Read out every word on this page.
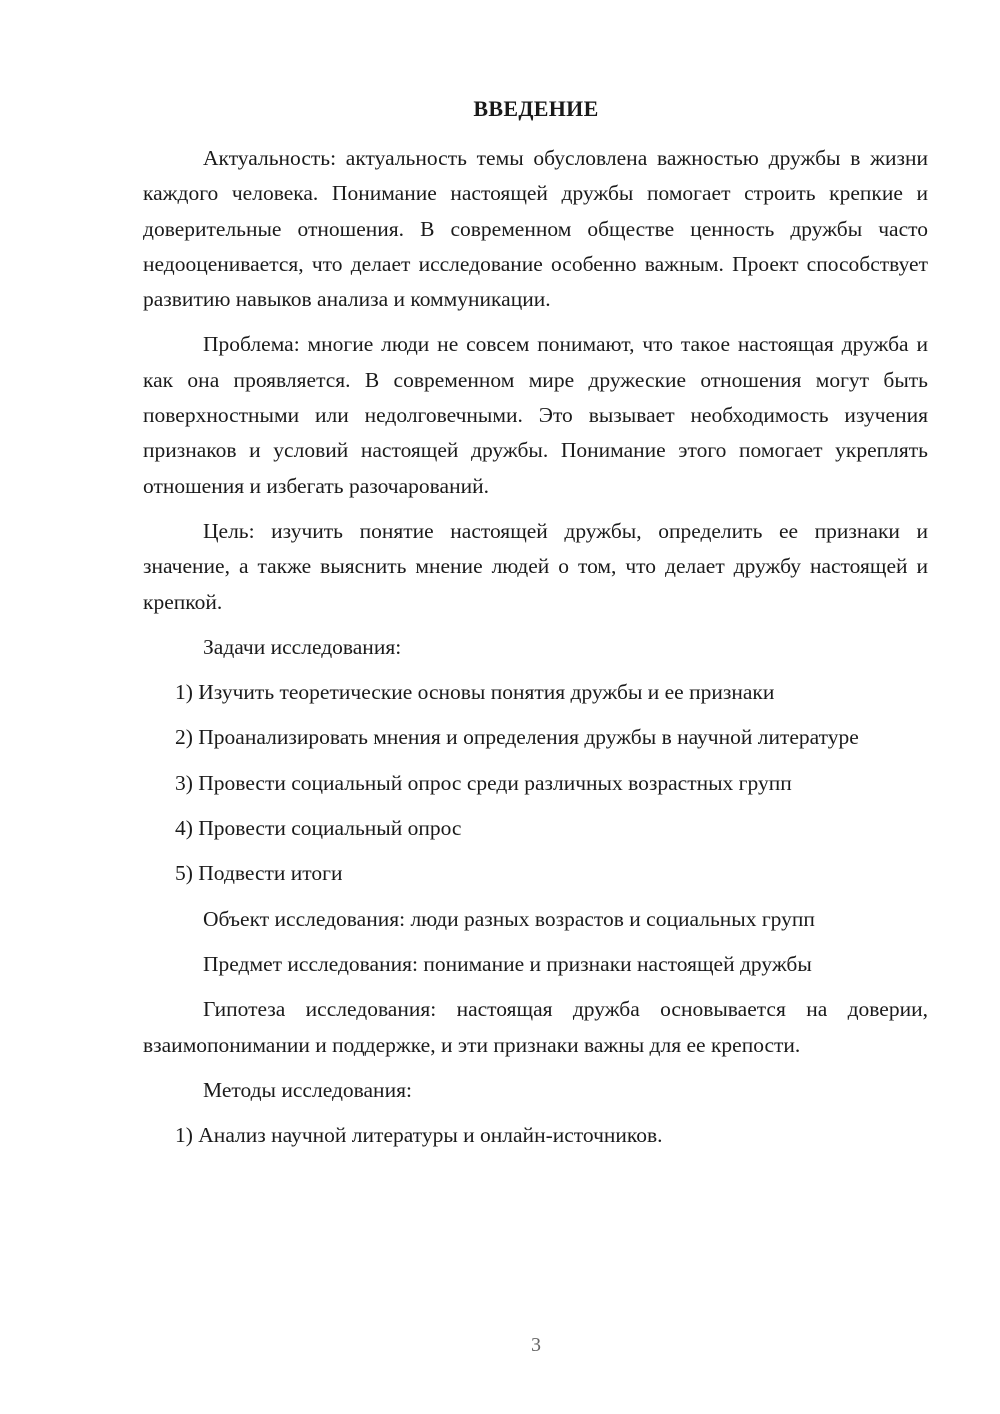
ВВЕДЕНИЕ

Актуальность: актуальность темы обусловлена важностью дружбы в жизни каждого человека. Понимание настоящей дружбы помогает строить крепкие и доверительные отношения. В современном обществе ценность дружбы часто недооценивается, что делает исследование особенно важным. Проект способствует развитию навыков анализа и коммуникации.

Проблема: многие люди не совсем понимают, что такое настоящая дружба и как она проявляется. В современном мире дружеские отношения могут быть поверхностными или недолговечными. Это вызывает необходимость изучения признаков и условий настоящей дружбы. Понимание этого помогает укреплять отношения и избегать разочарований.

Цель: изучить понятие настоящей дружбы, определить ее признаки и значение, а также выяснить мнение людей о том, что делает дружбу настоящей и крепкой.

Задачи исследования:

1) Изучить теоретические основы понятия дружбы и ее признаки

2) Проанализировать мнения и определения дружбы в научной литературе

3) Провести социальный опрос среди различных возрастных групп

4) Провести социальный опрос

5) Подвести итоги

Объект исследования: люди разных возрастов и социальных групп

Предмет исследования: понимание и признаки настоящей дружбы

Гипотеза исследования: настоящая дружба основывается на доверии, взаимопонимании и поддержке, и эти признаки важны для ее крепости.

Методы исследования:

1) Анализ научной литературы и онлайн-источников.

3
